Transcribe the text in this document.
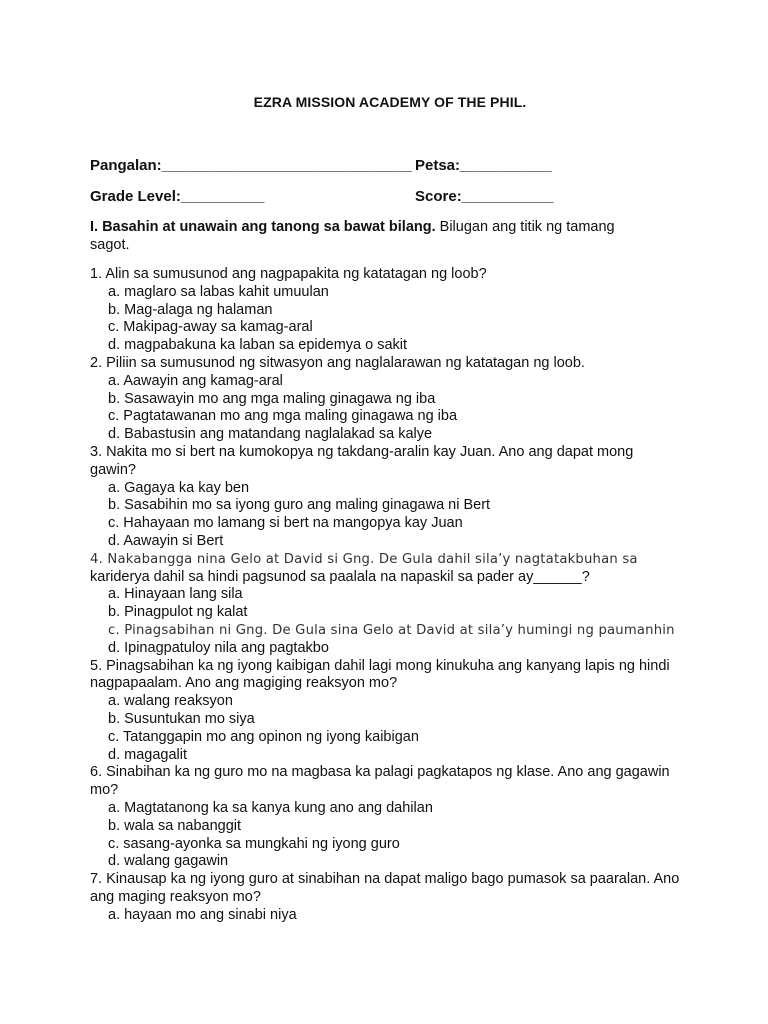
EZRA MISSION ACADEMY OF THE PHIL.
Pangalan:______________________________ Petsa:___________
Grade Level:__________	Score:___________
I. Basahin at unawain ang tanong sa bawat bilang. Bilugan ang titik ng tamang sagot.
1. Alin sa sumusunod ang nagpapakita ng katatagan ng loob?
a. maglaro sa labas kahit umuulan
b. Mag-alaga ng halaman
c. Makipag-away sa kamag-aral
d. magpabakuna ka laban sa epidemya o sakit
2. Piliin sa sumusunod ng sitwasyon ang naglalarawan ng katatagan ng loob.
a. Aawayin ang kamag-aral
b. Sasawayin mo ang mga maling ginagawa ng iba
c. Pagtatawanan mo ang mga maling ginagawa ng iba
d. Babastusin ang matandang naglalakad sa kalye
3. Nakita mo si bert na kumokopya ng takdang-aralin kay Juan. Ano ang dapat mong gawin?
a. Gagaya ka kay ben
b. Sasabihin mo sa iyong guro ang maling ginagawa ni Bert
c. Hahayaan mo lamang si bert na mangopya kay Juan
d. Aawayin si Bert
4. Nakabangga nina Gelo at David si Gng. De Gula dahil sila’y nagtatakbuhan sa
kariderya dahil sa hindi pagsunod sa paalala na napaskil sa pader ay______?
a. Hinayaan lang sila
b. Pinagpulot ng kalat
c. Pinagsabihan ni Gng. De Gula sina Gelo at David at sila’y humingi ng paumanhin
d. Ipinagpatuloy nila ang pagtakbo
5. Pinagsabihan ka ng iyong kaibigan dahil lagi mong kinukuha ang kanyang lapis ng hindi nagpapaalam. Ano ang magiging reaksyon mo?
a. walang reaksyon
b. Susuntukan mo siya
c. Tatanggapin mo ang opinon ng iyong kaibigan
d. magagalit
6. Sinabihan ka ng guro mo na magbasa ka palagi pagkatapos ng klase. Ano ang gagawin mo?
a. Magtatanong ka sa kanya kung ano ang dahilan
b. wala sa nabanggit
c. sasang-ayonka sa mungkahi ng iyong guro
d. walang gagawin
7. Kinausap ka ng iyong guro at sinabihan na dapat maligo bago pumasok sa paaralan. Ano ang maging reaksyon mo?
a. hayaan mo ang sinabi niya
